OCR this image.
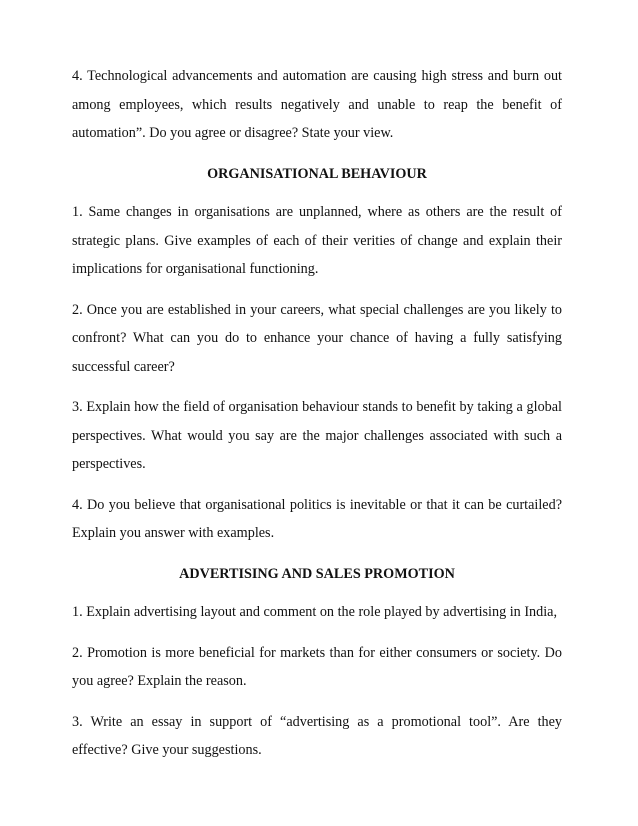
4. Technological advancements and automation are causing high stress and burn out among employees, which results negatively and unable to reap the benefit of automation”. Do you agree or disagree? State your view.

ORGANISATIONAL BEHAVIOUR

1. Same changes in organisations are unplanned, where as others are the result of strategic plans. Give examples of each of their verities of change and explain their implications for organisational functioning.

2. Once you are established in your careers, what special challenges are you likely to confront? What can you do to enhance your chance of having a fully satisfying successful career?

3. Explain how the field of organisation behaviour stands to benefit by taking a global perspectives. What would you say are the major challenges associated with such a perspectives.

4. Do you believe that organisational politics is inevitable or that it can be curtailed? Explain you answer with examples.

ADVERTISING AND SALES PROMOTION

1. Explain advertising layout and comment on the role played by advertising in India,

2. Promotion is more beneficial for markets than for either consumers or society. Do you agree? Explain the reason.

3. Write an essay in support of “advertising as a promotional tool”. Are they effective? Give your suggestions.
